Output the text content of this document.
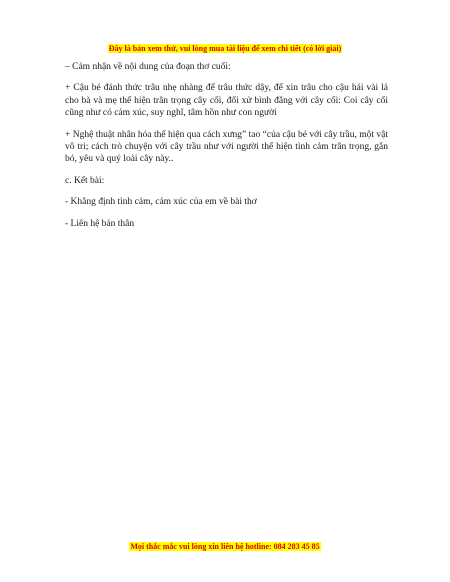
Đây là bản xem thử, vui lòng mua tài liệu để xem chi tiết (có lời giải)

– Cảm nhận về nội dung của đoạn thơ cuối:

+ Cậu bé đánh thức trâu nhẹ nhàng để trâu thức dậy, để xin trâu cho cậu hái vài lá cho bà và mẹ thể hiện trân trọng cây cối, đối xử bình đẳng với cây cối: Coi cây cối cũng như có cảm xúc, suy nghĩ, tâm hồn như con người

+ Nghệ thuật nhân hóa thể hiện qua cách xưng” tao “của cậu bé với cây trầu, một vật vô tri; cách trò chuyện với cây trầu như với người thể hiện tình cảm trân trọng, gắn bó, yêu và quý loài cây này..

c. Kết bài:

- Khẳng định tình cảm, cảm xúc của em về bài thơ

- Liên hệ bản thân

Mọi thắc mắc vui lòng xin liên hệ hotline: 084 283 45 85
